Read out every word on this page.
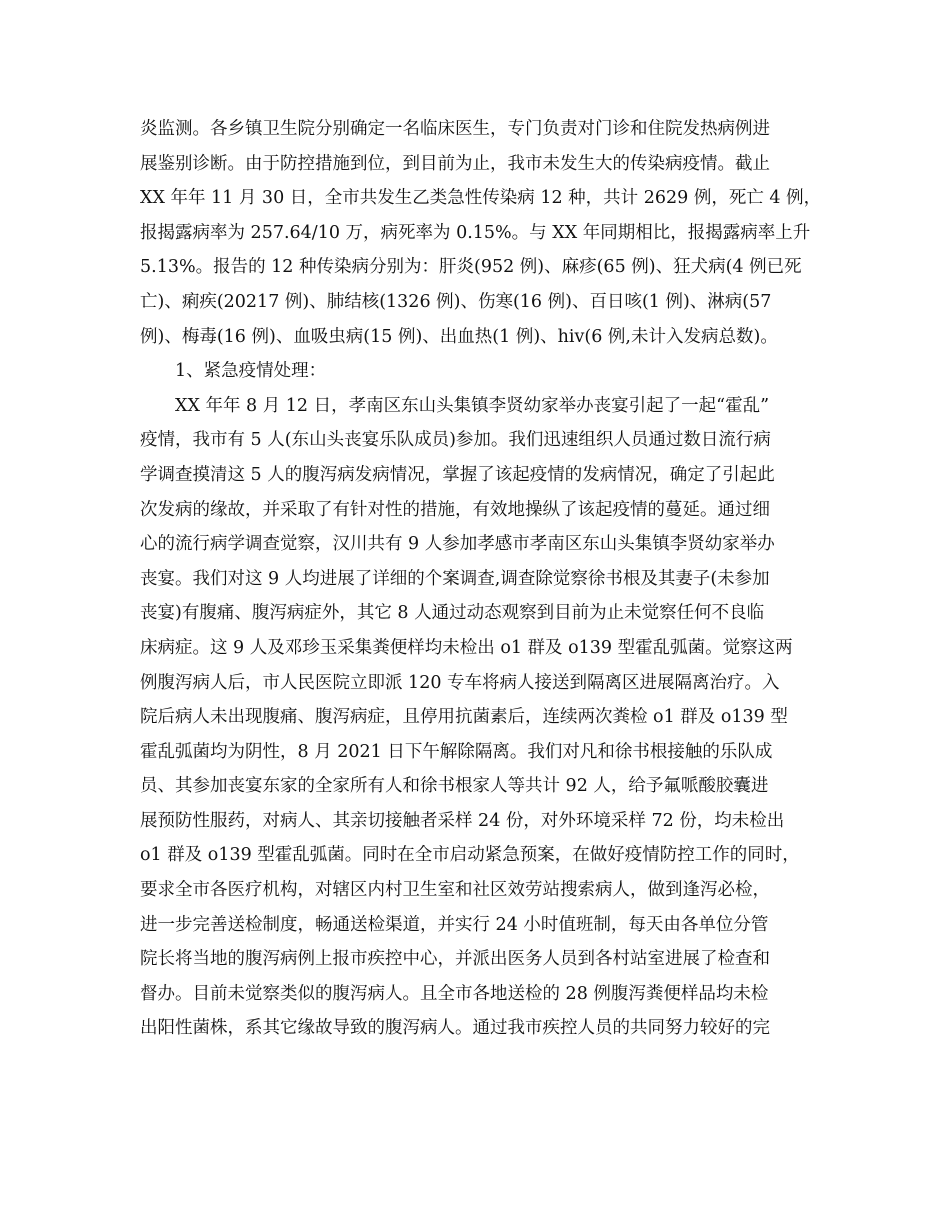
炎监测。各乡镇卫生院分别确定一名临床医生，专门负责对门诊和住院发热病例进
展鉴别诊断。由于防控措施到位，到目前为止，我市未发生大的传染病疫情。截止
XX 年年 11 月 30 日，全市共发生乙类急性传染病 12 种，共计 2629 例，死亡 4 例，
报揭露病率为 257.64/10 万，病死率为 0.15%。与 XX 年同期相比，报揭露病率上升
5.13%。报告的 12 种传染病分别为：肝炎(952 例)、麻疹(65 例)、狂犬病(4 例已死
亡)、痢疾(20217 例)、肺结核(1326 例)、伤寒(16 例)、百日咳(1 例)、淋病(57
例)、梅毒(16 例)、血吸虫病(15 例)、出血热(1 例)、hiv(6 例,未计入发病总数)。
　　1、紧急疫情处理：
　　XX 年年 8 月 12 日，孝南区东山头集镇李贤幼家举办丧宴引起了一起“霍乱”
疫情，我市有 5 人(东山头丧宴乐队成员)参加。我们迅速组织人员通过数日流行病
学调查摸清这 5 人的腹泻病发病情况，掌握了该起疫情的发病情况，确定了引起此
次发病的缘故，并采取了有针对性的措施，有效地操纵了该起疫情的蔓延。通过细
心的流行病学调查觉察，汉川共有 9 人参加孝感市孝南区东山头集镇李贤幼家举办
丧宴。我们对这 9 人均进展了详细的个案调查,调查除觉察徐书根及其妻子(未参加
丧宴)有腹痛、腹泻病症外，其它 8 人通过动态观察到目前为止未觉察任何不良临
床病症。这 9 人及邓珍玉采集粪便样均未检出 o1 群及 o139 型霍乱弧菌。觉察这两
例腹泻病人后，市人民医院立即派 120 专车将病人接送到隔离区进展隔离治疗。入
院后病人未出现腹痛、腹泻病症，且停用抗菌素后，连续两次粪检 o1 群及 o139 型
霍乱弧菌均为阴性，8 月 2021 日下午解除隔离。我们对凡和徐书根接触的乐队成
员、其参加丧宴东家的全家所有人和徐书根家人等共计 92 人，给予氟哌酸胶囊进
展预防性服药，对病人、其亲切接触者采样 24 份，对外环境采样 72 份，均未检出
o1 群及 o139 型霍乱弧菌。同时在全市启动紧急预案，在做好疫情防控工作的同时，
要求全市各医疗机构，对辖区内村卫生室和社区效劳站搜索病人，做到逢泻必检，
进一步完善送检制度，畅通送检渠道，并实行 24 小时值班制，每天由各单位分管
院长将当地的腹泻病例上报市疾控中心，并派出医务人员到各村站室进展了检查和
督办。目前未觉察类似的腹泻病人。且全市各地送检的 28 例腹泻粪便样品均未检
出阳性菌株，系其它缘故导致的腹泻病人。通过我市疾控人员的共同努力较好的完
